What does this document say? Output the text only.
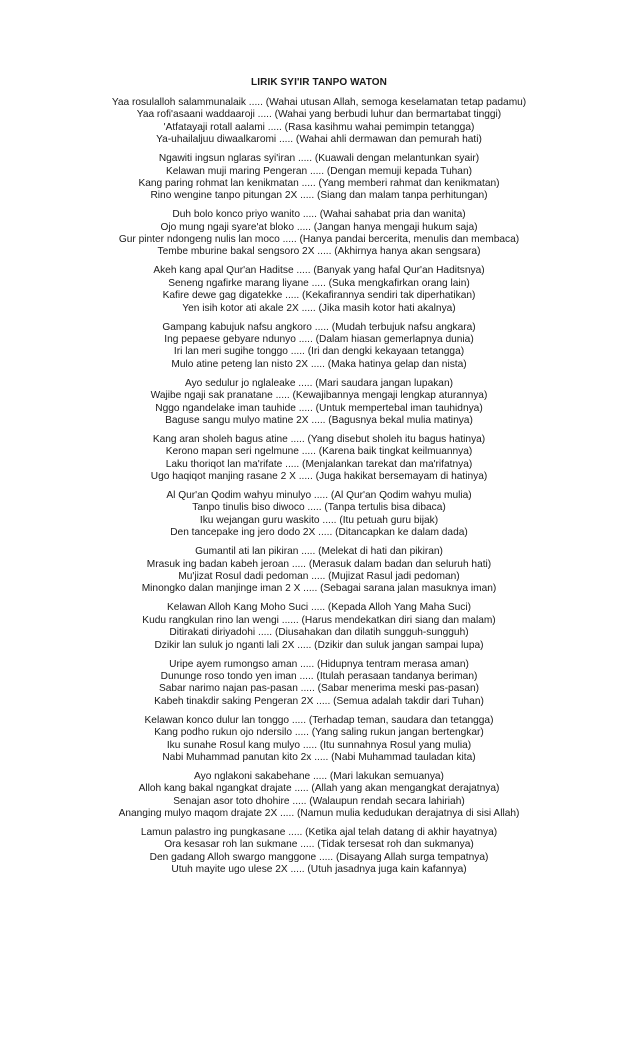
LIRIK SYI'IR TANPO WATON
Yaa rosulalloh salammunalaik ..... (Wahai utusan Allah, semoga keselamatan tetap padamu)
Yaa rofi'asaani waddaaroji ..... (Wahai yang berbudi luhur dan bermartabat tinggi)
'Atfatayaji rotall aalami ..... (Rasa kasihmu wahai pemimpin tetangga)
Ya-uhailaljuu diwaalkaromi ..... (Wahai ahli dermawan dan pemurah hati)
Ngawiti ingsun nglaras syi'iran ..... (Kuawali dengan melantunkan syair)
Kelawan muji maring Pengeran ..... (Dengan memuji kepada Tuhan)
Kang paring rohmat lan kenikmatan ..... (Yang memberi rahmat dan kenikmatan)
Rino wengine tanpo pitungan 2X ..... (Siang dan malam tanpa perhitungan)
Duh bolo konco priyo wanito ..... (Wahai sahabat pria dan wanita)
Ojo mung ngaji syare'at bloko ..... (Jangan hanya mengaji hukum saja)
Gur pinter ndongeng nulis lan moco ..... (Hanya pandai bercerita, menulis dan membaca)
Tembe mburine bakal sengsoro 2X ..... (Akhirnya hanya akan sengsara)
Akeh kang apal Qur'an Haditse ..... (Banyak yang hafal Qur'an Haditsnya)
Seneng ngafirke marang liyane ..... (Suka mengkafirkan orang lain)
Kafire dewe gag digatekke ..... (Kekafirannya sendiri tak diperhatikan)
Yen isih kotor ati akale 2X ..... (Jika masih kotor hati akalnya)
Gampang kabujuk nafsu angkoro ..... (Mudah terbujuk nafsu angkara)
Ing pepaese gebyare ndunyo ..... (Dalam hiasan gemerlapnya dunia)
Iri lan meri sugihe tonggo ..... (Iri dan dengki kekayaan tetangga)
Mulo atine peteng lan nisto 2X ..... (Maka hatinya gelap dan nista)
Ayo sedulur jo nglaleake ..... (Mari saudara jangan lupakan)
Wajibe ngaji sak pranatane ..... (Kewajibannya mengaji lengkap aturannya)
Nggo ngandelake iman tauhide ..... (Untuk mempertebal iman tauhidnya)
Baguse sangu mulyo matine 2X ..... (Bagusnya bekal mulia matinya)
Kang aran sholeh bagus atine ..... (Yang disebut sholeh itu bagus hatinya)
Kerono mapan seri ngelmune ..... (Karena baik tingkat keilmuannya)
Laku thoriqot lan ma'rifate ..... (Menjalankan tarekat dan ma'rifatnya)
Ugo haqiqot manjing rasane 2 X ..... (Juga hakikat bersemayam di hatinya)
Al Qur'an Qodim wahyu minulyo ..... (Al Qur'an Qodim wahyu mulia)
Tanpo tinulis biso diwoco ..... (Tanpa tertulis bisa dibaca)
Iku wejangan guru waskito ..... (Itu petuah guru bijak)
Den tancepake ing jero dodo 2X ..... (Ditancapkan ke dalam dada)
Gumantil ati lan pikiran ..... (Melekat di hati dan pikiran)
Mrasuk ing badan kabeh jeroan ..... (Merasuk dalam badan dan seluruh hati)
Mu'jizat Rosul dadi pedoman ..... (Mujizat Rasul jadi pedoman)
Minongko dalan manjinge iman 2 X ..... (Sebagai sarana jalan masuknya iman)
Kelawan Alloh Kang Moho Suci ..... (Kepada Alloh Yang Maha Suci)
Kudu rangkulan rino lan wengi ...... (Harus mendekatkan diri siang dan malam)
Ditirakati diriyadohi ..... (Diusahakan dan dilatih sungguh-sungguh)
Dzikir lan suluk jo nganti lali 2X ..... (Dzikir dan suluk jangan sampai lupa)
Uripe ayem rumongso aman ..... (Hidupnya tentram merasa aman)
Dununge roso tondo yen iman ..... (Itulah perasaan tandanya beriman)
Sabar narimo najan pas-pasan ..... (Sabar menerima meski pas-pasan)
Kabeh tinakdir saking Pengeran 2X ..... (Semua adalah takdir dari Tuhan)
Kelawan konco dulur lan tonggo ..... (Terhadap teman, saudara dan tetangga)
Kang podho rukun ojo ndersilo ..... (Yang saling rukun jangan bertengkar)
Iku sunahe Rosul kang mulyo ..... (Itu sunnahnya Rosul yang mulia)
Nabi Muhammad panutan kito 2x ..... (Nabi Muhammad tauladan kita)
Ayo nglakoni sakabehane ..... (Mari lakukan semuanya)
Alloh kang bakal ngangkat drajate ..... (Allah yang akan mengangkat derajatnya)
Senajan asor toto dhohire ..... (Walaupun rendah secara lahiriah)
Ananging mulyo maqom drajate 2X ..... (Namun mulia kedudukan derajatnya di sisi Allah)
Lamun palastro ing pungkasane ..... (Ketika ajal telah datang di akhir hayatnya)
Ora kesasar roh lan sukmane ..... (Tidak tersesat roh dan sukmanya)
Den gadang Alloh swargo manggone ..... (Disayang Allah surga tempatnya)
Utuh mayite ugo ulese 2X ..... (Utuh jasadnya juga kain kafannya)
